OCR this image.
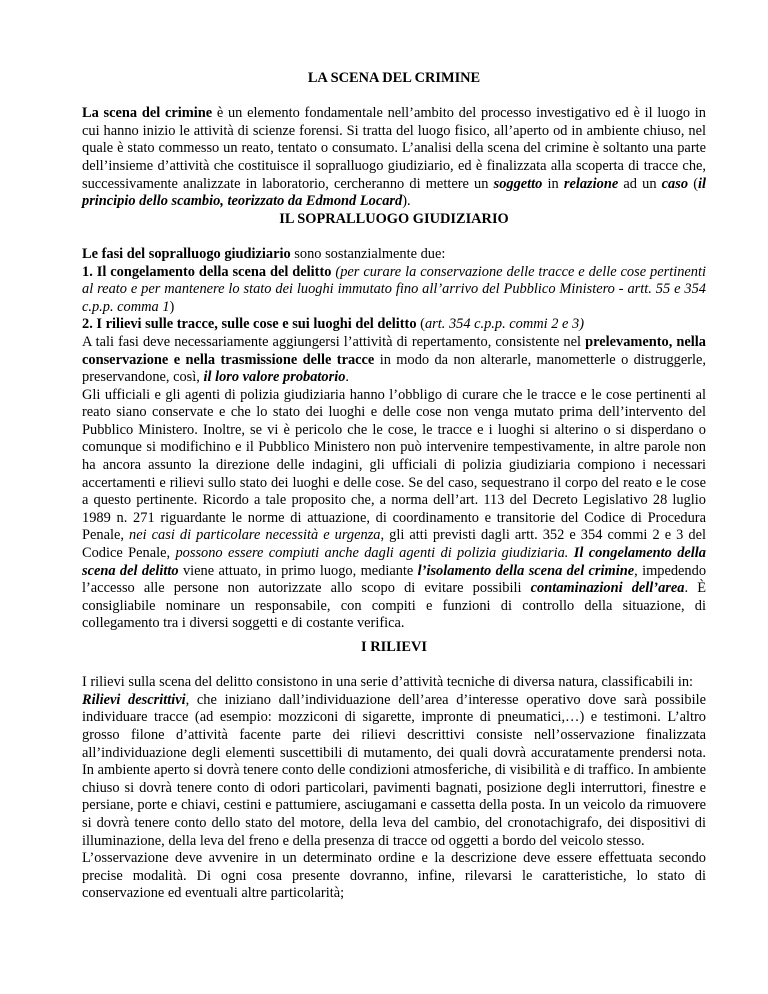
LA SCENA DEL CRIMINE

La scena del crimine è un elemento fondamentale nell’ambito del processo investigativo ed è il luogo in cui hanno inizio le attività di scienze forensi. Si tratta del luogo fisico, all’aperto od in ambiente chiuso, nel quale è stato commesso un reato, tentato o consumato. L’analisi della scena del crimine è soltanto una parte dell’insieme d’attività che costituisce il sopralluogo giudiziario, ed è finalizzata alla scoperta di tracce che, successivamente analizzate in laboratorio, cercheranno di mettere un soggetto in relazione ad un caso (il principio dello scambio, teorizzato da Edmond Locard).

IL SOPRALLUOGO GIUDIZIARIO

Le fasi del sopralluogo giudiziario sono sostanzialmente due:

1. Il congelamento della scena del delitto (per curare la conservazione delle tracce e delle cose pertinenti al reato e per mantenere lo stato dei luoghi immutato fino all’arrivo del Pubblico Ministero - artt. 55 e 354 c.p.p. comma 1)

2. I rilievi sulle tracce, sulle cose e sui luoghi del delitto (art. 354 c.p.p. commi 2 e 3)

A tali fasi deve necessariamente aggiungersi l’attività di repertamento, consistente nel prelevamento, nella conservazione e nella trasmissione delle tracce in modo da non alterarle, manometterle o distruggerle, preservandone, così, il loro valore probatorio.

Gli ufficiali e gli agenti di polizia giudiziaria hanno l’obbligo di curare che le tracce e le cose pertinenti al reato siano conservate e che lo stato dei luoghi e delle cose non venga mutato prima dell’intervento del Pubblico Ministero. Inoltre, se vi è pericolo che le cose, le tracce e i luoghi si alterino o si disperdano o comunque si modifichino e il Pubblico Ministero non può intervenire tempestivamente, in altre parole non ha ancora assunto la direzione delle indagini, gli ufficiali di polizia giudiziaria compiono i necessari accertamenti e rilievi sullo stato dei luoghi e delle cose. Se del caso, sequestrano il corpo del reato e le cose a questo pertinente. Ricordo a tale proposito che, a norma dell’art. 113 del Decreto Legislativo 28 luglio 1989 n. 271 riguardante le norme di attuazione, di coordinamento e transitorie del Codice di Procedura Penale, nei casi di particolare necessità e urgenza, gli atti previsti dagli artt. 352 e 354 commi 2 e 3 del Codice Penale, possono essere compiuti anche dagli agenti di polizia giudiziaria. Il congelamento della scena del delitto viene attuato, in primo luogo, mediante l’isolamento della scena del crimine, impedendo l’accesso alle persone non autorizzate allo scopo di evitare possibili contaminazioni dell’area. È consigliabile nominare un responsabile, con compiti e funzioni di controllo della situazione, di collegamento tra i diversi soggetti e di costante verifica.

I RILIEVI

I rilievi sulla scena del delitto consistono in una serie d’attività tecniche di diversa natura, classificabili in:

Rilievi descrittivi, che iniziano dall’individuazione dell’area d’interesse operativo dove sarà possibile individuare tracce (ad esempio: mozziconi di sigarette, impronte di pneumatici,…) e testimoni. L’altro grosso filone d’attività facente parte dei rilievi descrittivi consiste nell’osservazione finalizzata all’individuazione degli elementi suscettibili di mutamento, dei quali dovrà accuratamente prendersi nota. In ambiente aperto si dovrà tenere conto delle condizioni atmosferiche, di visibilità e di traffico. In ambiente chiuso si dovrà tenere conto di odori particolari, pavimenti bagnati, posizione degli interruttori, finestre e persiane, porte e chiavi, cestini e pattumiere, asciugamani e cassetta della posta. In un veicolo da rimuovere si dovrà tenere conto dello stato del motore, della leva del cambio, del cronotachigrafo, dei dispositivi di illuminazione, della leva del freno e della presenza di tracce od oggetti a bordo del veicolo stesso.

L’osservazione deve avvenire in un determinato ordine e la descrizione deve essere effettuata secondo precise modalità. Di ogni cosa presente dovranno, infine, rilevarsi le caratteristiche, lo stato di conservazione ed eventuali altre particolarità;
